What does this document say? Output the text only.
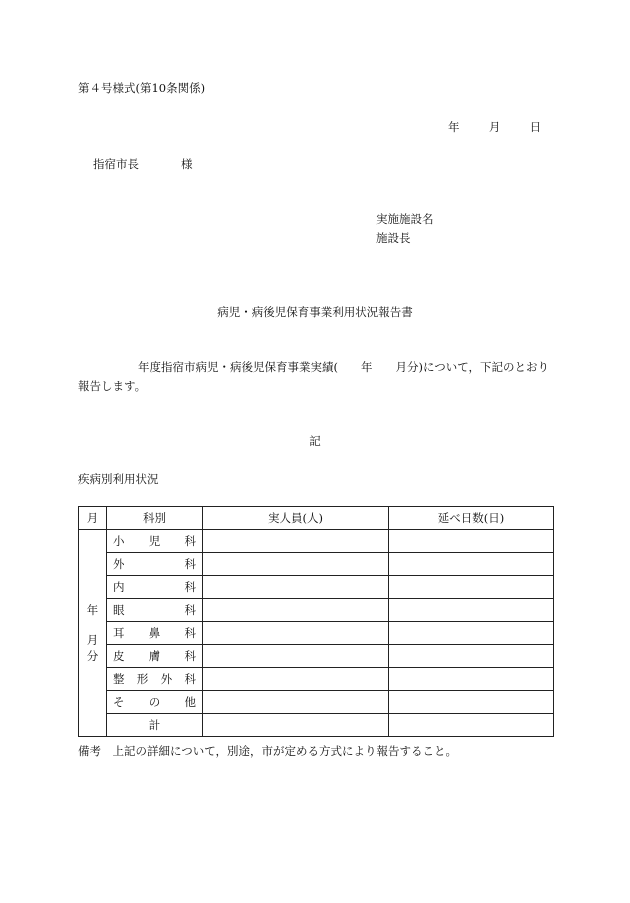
第４号様式(第10条関係)
年	月	日
指宿市長	様
実施施設名
施設長
病児・病後児保育事業利用状況報告書
年度指宿市病児・病後児保育事業実績(　　年　　月分)について，下記のとおり報告します。
記
疾病別利用状況
月	科別	実人員(人)	延べ日数(日)

年
月
分	小 児 科		

	外 科		

	内 科		

	眼 科		

	耳 鼻 科		

	皮 膚 科		

	整 形 外 科		

	そ の 他		

	計		
備考　上記の詳細について，別途，市が定める方式により報告すること。
